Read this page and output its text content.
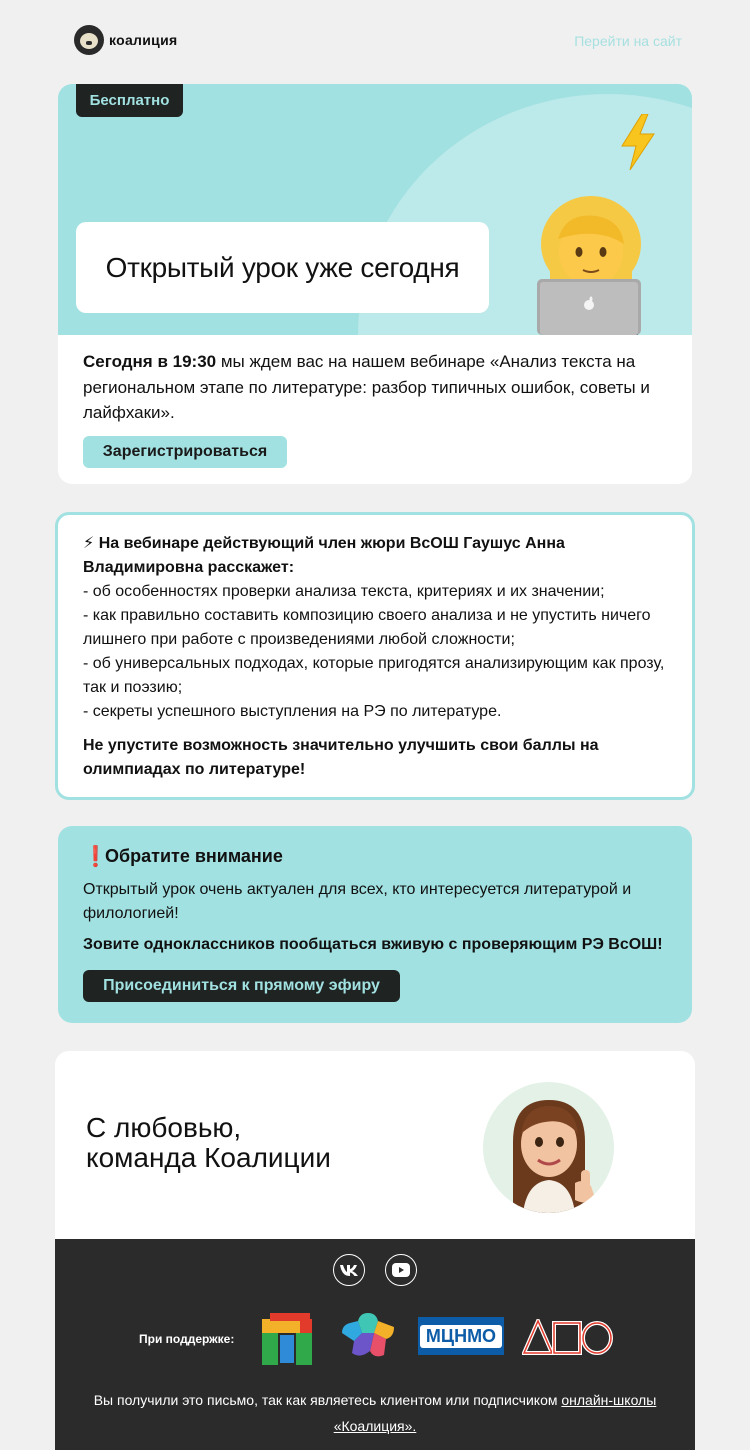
коалиция	Перейти на сайт
Бесплатно
Открытый урок уже сегодня
Сегодня в 19:30 мы ждем вас на нашем вебинаре «Анализ текста на региональном этапе по литературе: разбор типичных ошибок, советы и лайфхаки».
Зарегистрироваться

⚡ На вебинаре действующий член жюри ВсОШ Гаушус Анна Владимировна расскажет:

- об особенностях проверки анализа текста, критериях и их значении;

- как правильно составить композицию своего анализа и не упустить ничего лишнего при работе с произведениями любой сложности;

- об универсальных подходах, которые пригодятся анализирующим как прозу, так и поэзию;

- секреты успешного выступления на РЭ по литературе.

Не упустите возможность значительно улучшить свои баллы на олимпиадах по литературе!

❗
Обратите внимание
Открытый урок очень актуален для всех, кто интересуется литературой и филологией!
Зовите одноклассников пообщаться вживую с проверяющим РЭ ВсОШ!
Присоединиться к прямому эфиру
С любовью,
команда Коалиции
При поддержке:	МЦНМО
Вы получили это письмо, так как являетесь клиентом или подписчиком онлайн-школы «Коалиция».
